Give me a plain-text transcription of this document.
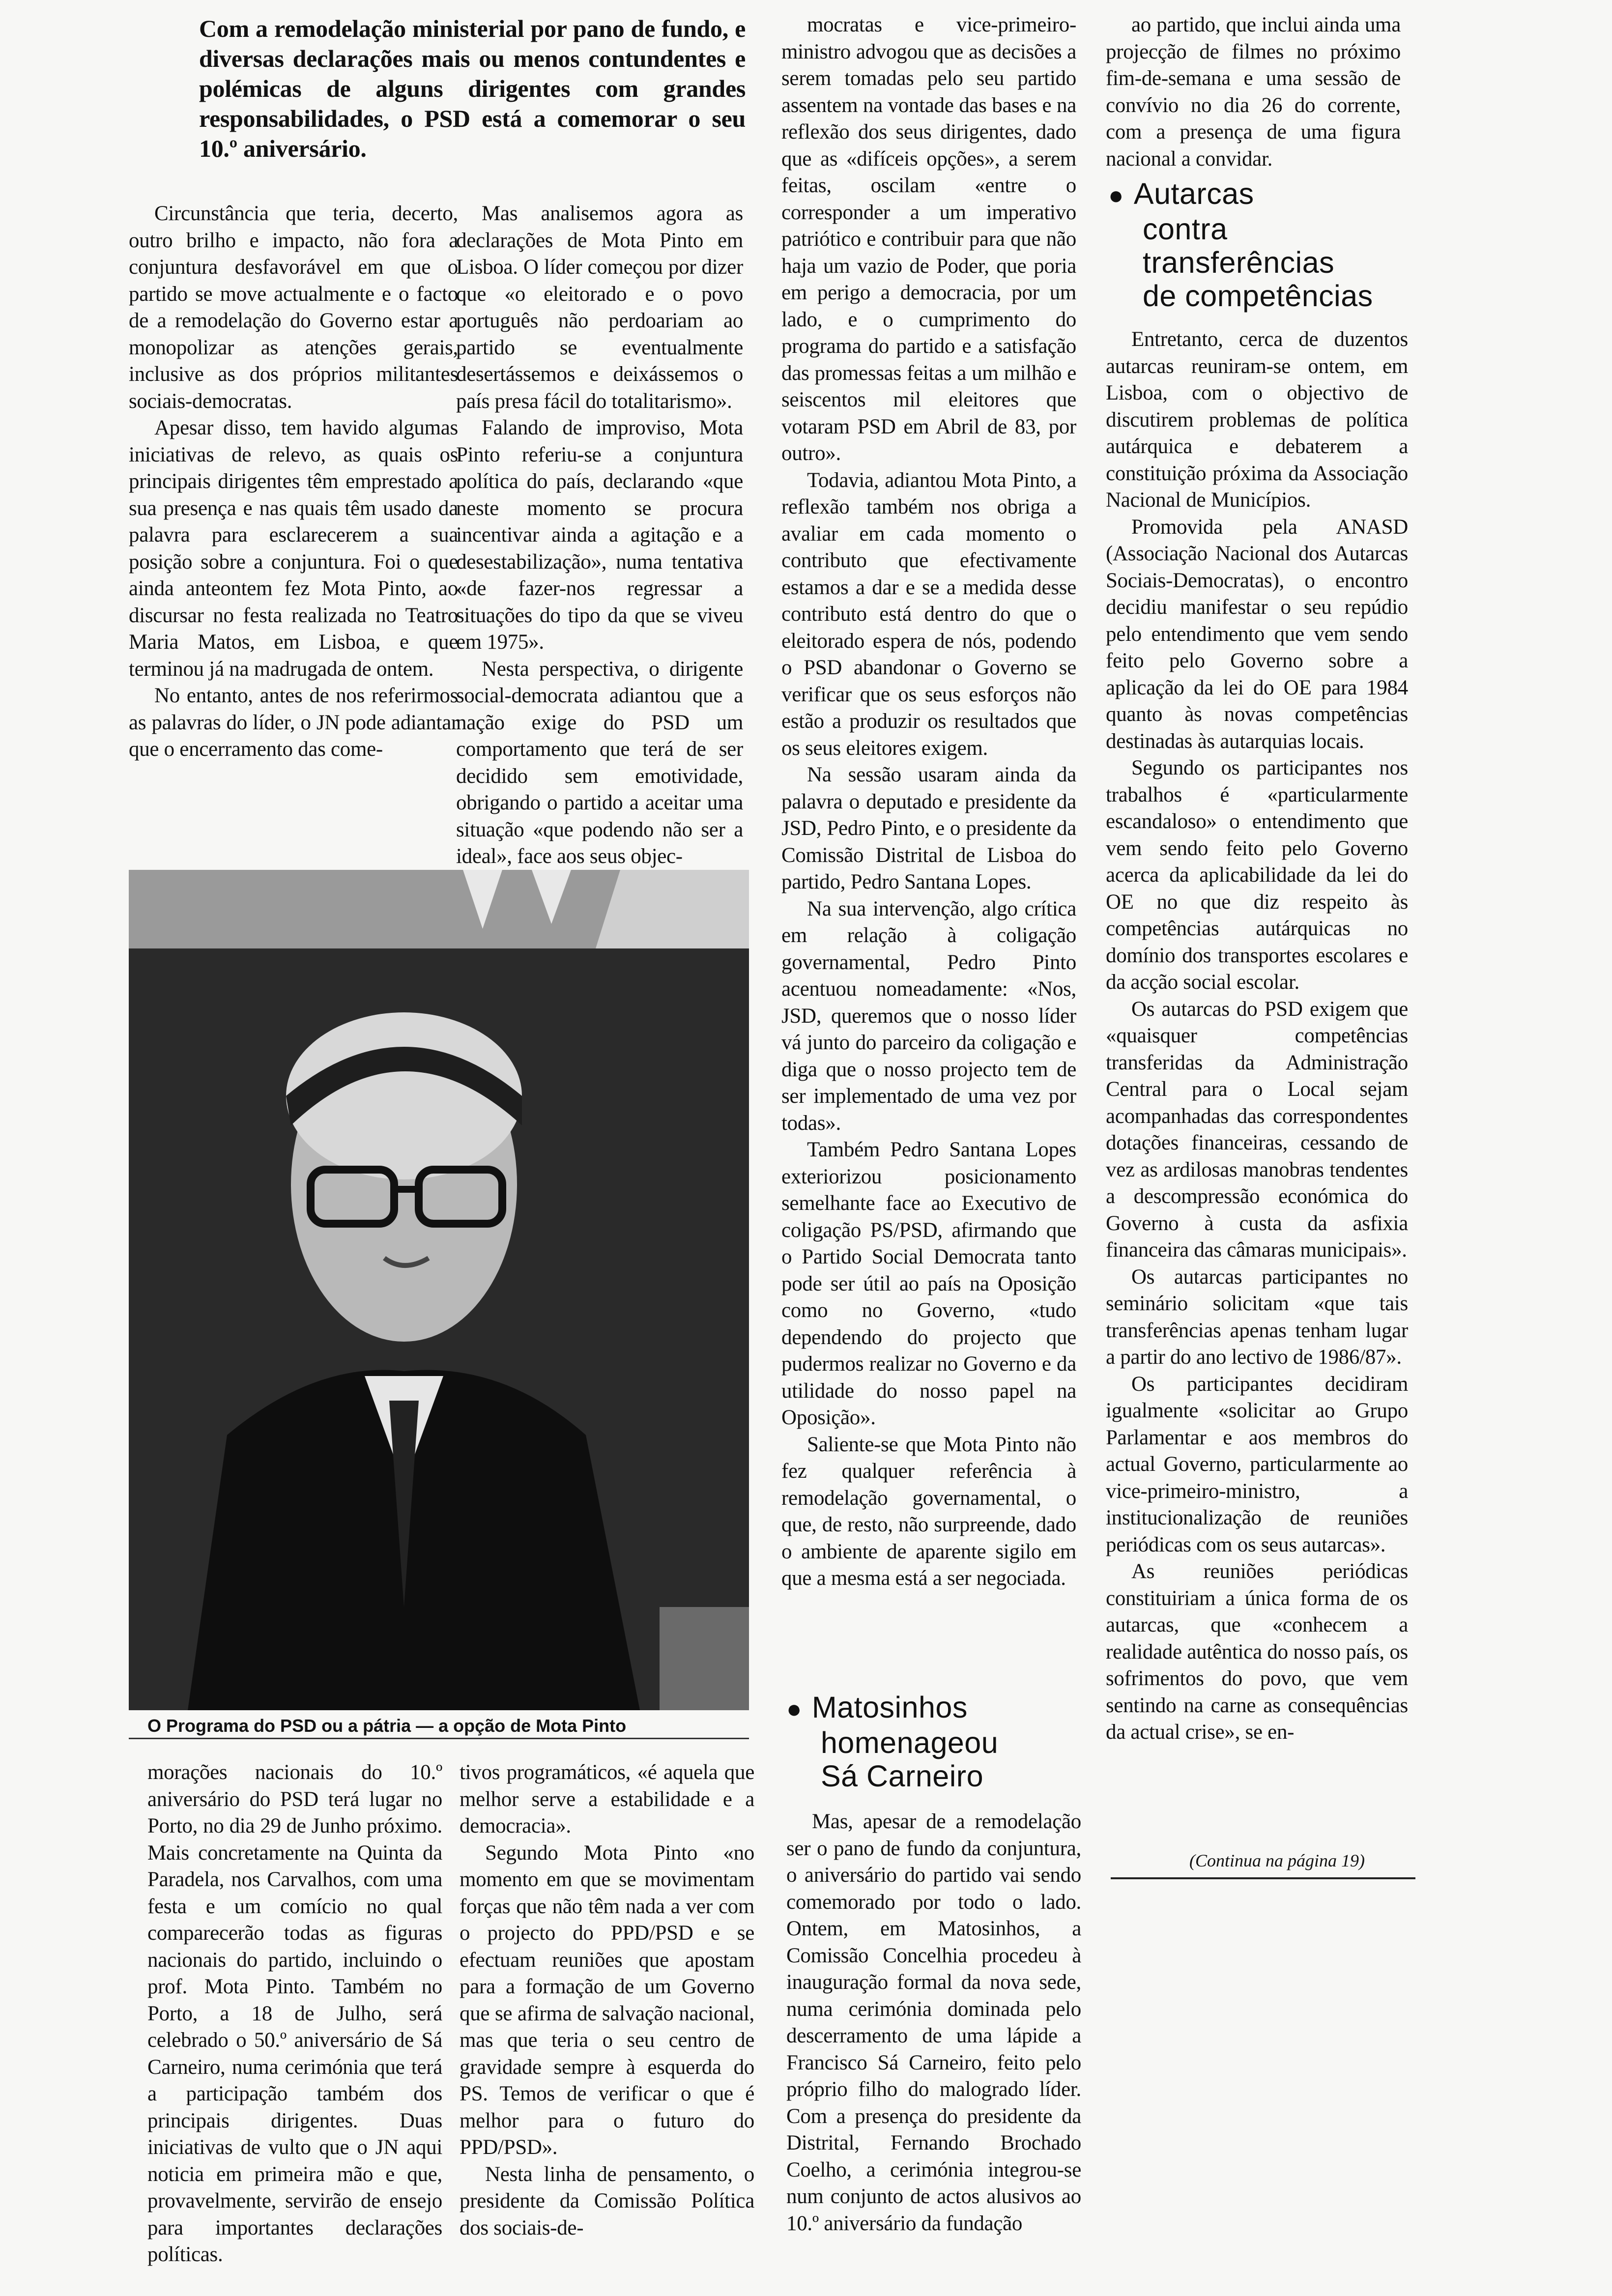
Com a remodelação ministerial por pano de fundo, e diversas declarações mais ou menos contundentes e polémicas de alguns dirigentes com grandes responsabilidades, o PSD está a comemorar o seu 10.º aniversário.

Circunstância que teria, decerto, outro brilho e impacto, não fora a conjuntura desfavorável em que o partido se move actualmente e o facto de a remodelação do Governo estar a monopolizar as atenções gerais, inclusive as dos próprios militantes sociais-democratas.

Apesar disso, tem havido algumas iniciativas de relevo, as quais os principais dirigentes têm emprestado a sua presença e nas quais têm usado da palavra para esclarecerem a sua posição sobre a conjuntura. Foi o que ainda anteontem fez Mota Pinto, ao discursar no festa realizada no Teatro Maria Matos, em Lisboa, e que terminou já na madrugada de ontem.

No entanto, antes de nos referirmos as palavras do líder, o JN pode adiantar que o encerramento das come-

Mas analisemos agora as declarações de Mota Pinto em Lisboa. O líder começou por dizer que «o eleitorado e o povo português não perdoariam ao partido se eventualmente desertássemos e deixássemos o país presa fácil do totalitarismo».

Falando de improviso, Mota Pinto referiu-se a conjuntura política do país, declarando «que neste momento se procura incentivar ainda a agitação e a desestabilização», numa tentativa «de fazer-nos regressar a situações do tipo da que se viveu em 1975».

Nesta perspectiva, o dirigente social-democrata adiantou que a nação exige do PSD um comportamento que terá de ser decidido sem emotividade, obrigando o partido a aceitar uma situação «que podendo não ser a ideal», face aos seus objec-

mocratas e vice-primeiro-ministro advogou que as decisões a serem tomadas pelo seu partido assentem na vontade das bases e na reflexão dos seus dirigentes, dado que as «difíceis opções», a serem feitas, oscilam «entre o corresponder a um imperativo patriótico e contribuir para que não haja um vazio de Poder, que poria em perigo a democracia, por um lado, e o cumprimento do programa do partido e a satisfação das promessas feitas a um milhão e seiscentos mil eleitores que votaram PSD em Abril de 83, por outro».

Todavia, adiantou Mota Pinto, a reflexão também nos obriga a avaliar em cada momento o contributo que efectivamente estamos a dar e se a medida desse contributo está dentro do que o eleitorado espera de nós, podendo o PSD abandonar o Governo se verificar que os seus esforços não estão a produzir os resultados que os seus eleitores exigem.

Na sessão usaram ainda da palavra o deputado e presidente da JSD, Pedro Pinto, e o presidente da Comissão Distrital de Lisboa do partido, Pedro Santana Lopes.

Na sua intervenção, algo crítica em relação à coligação governamental, Pedro Pinto acentuou nomeadamente: «Nos, JSD, queremos que o nosso líder vá junto do parceiro da coligação e diga que o nosso projecto tem de ser implementado de uma vez por todas».

Também Pedro Santana Lopes exteriorizou posicionamento semelhante face ao Executivo de coligação PS/PSD, afirmando que o Partido Social Democrata tanto pode ser útil ao país na Oposição como no Governo, «tudo dependendo do projecto que pudermos realizar no Governo e da utilidade do nosso papel na Oposição».

Saliente-se que Mota Pinto não fez qualquer referência à remodelação governamental, o que, de resto, não surpreende, dado o ambiente de aparente sigilo em que a mesma está a ser negociada.

ao partido, que inclui ainda uma projecção de filmes no próximo fim-de-semana e uma sessão de convívio no dia 26 do corrente, com a presença de uma figura nacional a convidar.

● Autarcas
contra
transferências
de competências

Entretanto, cerca de duzentos autarcas reuniram-se ontem, em Lisboa, com o objectivo de discutirem problemas de política autárquica e debaterem a constituição próxima da Associação Nacional de Municípios.

Promovida pela ANASD (Associação Nacional dos Autarcas Sociais-Democratas), o encontro decidiu manifestar o seu repúdio pelo entendimento que vem sendo feito pelo Governo sobre a aplicação da lei do OE para 1984 quanto às novas competências destinadas às autarquias locais.

Segundo os participantes nos trabalhos é «particularmente escandaloso» o entendimento que vem sendo feito pelo Governo acerca da aplicabilidade da lei do OE no que diz respeito às competências autárquicas no domínio dos transportes escolares e da acção social escolar.

Os autarcas do PSD exigem que «quaisquer competências transferidas da Administração Central para o Local sejam acompanhadas das correspondentes dotações financeiras, cessando de vez as ardilosas manobras tendentes a descompressão económica do Governo à custa da asfixia financeira das câmaras municipais».

Os autarcas participantes no seminário solicitam «que tais transferências apenas tenham lugar a partir do ano lectivo de 1986/87».

Os participantes decidiram igualmente «solicitar ao Grupo Parlamentar e aos membros do actual Governo, particularmente ao vice-primeiro-ministro, a institucionalização de reuniões periódicas com os seus autarcas».

As reuniões periódicas constituiriam a única forma de os autarcas, que «conhecem a realidade autêntica do nosso país, os sofrimentos do povo, que vem sentindo na carne as consequências da actual crise», se en-

(Continua na página 19)
O Programa do PSD ou a pátria — a opção de Mota Pinto

morações nacionais do 10.º aniversário do PSD terá lugar no Porto, no dia 29 de Junho próximo. Mais concretamente na Quinta da Paradela, nos Carvalhos, com uma festa e um comício no qual comparecerão todas as figuras nacionais do partido, incluindo o prof. Mota Pinto. Também no Porto, a 18 de Julho, será celebrado o 50.º aniversário de Sá Carneiro, numa cerimónia que terá a participação também dos principais dirigentes. Duas iniciativas de vulto que o JN aqui noticia em primeira mão e que, provavelmente, servirão de ensejo para importantes declarações políticas.

tivos programáticos, «é aquela que melhor serve a estabilidade e a democracia».

Segundo Mota Pinto «no momento em que se movimentam forças que não têm nada a ver com o projecto do PPD/PSD e se efectuam reuniões que apostam para a formação de um Governo que se afirma de salvação nacional, mas que teria o seu centro de gravidade sempre à esquerda do PS. Temos de verificar o que é melhor para o futuro do PPD/PSD».

Nesta linha de pensamento, o presidente da Comissão Política dos sociais-de-

● Matosinhos
homenageou
Sá Carneiro

Mas, apesar de a remodelação ser o pano de fundo da conjuntura, o aniversário do partido vai sendo comemorado por todo o lado. Ontem, em Matosinhos, a Comissão Concelhia procedeu à inauguração formal da nova sede, numa cerimónia dominada pelo descerramento de uma lápide a Francisco Sá Carneiro, feito pelo próprio filho do malogrado líder. Com a presença do presidente da Distrital, Fernando Brochado Coelho, a cerimónia integrou-se num conjunto de actos alusivos ao 10.º aniversário da fundação
